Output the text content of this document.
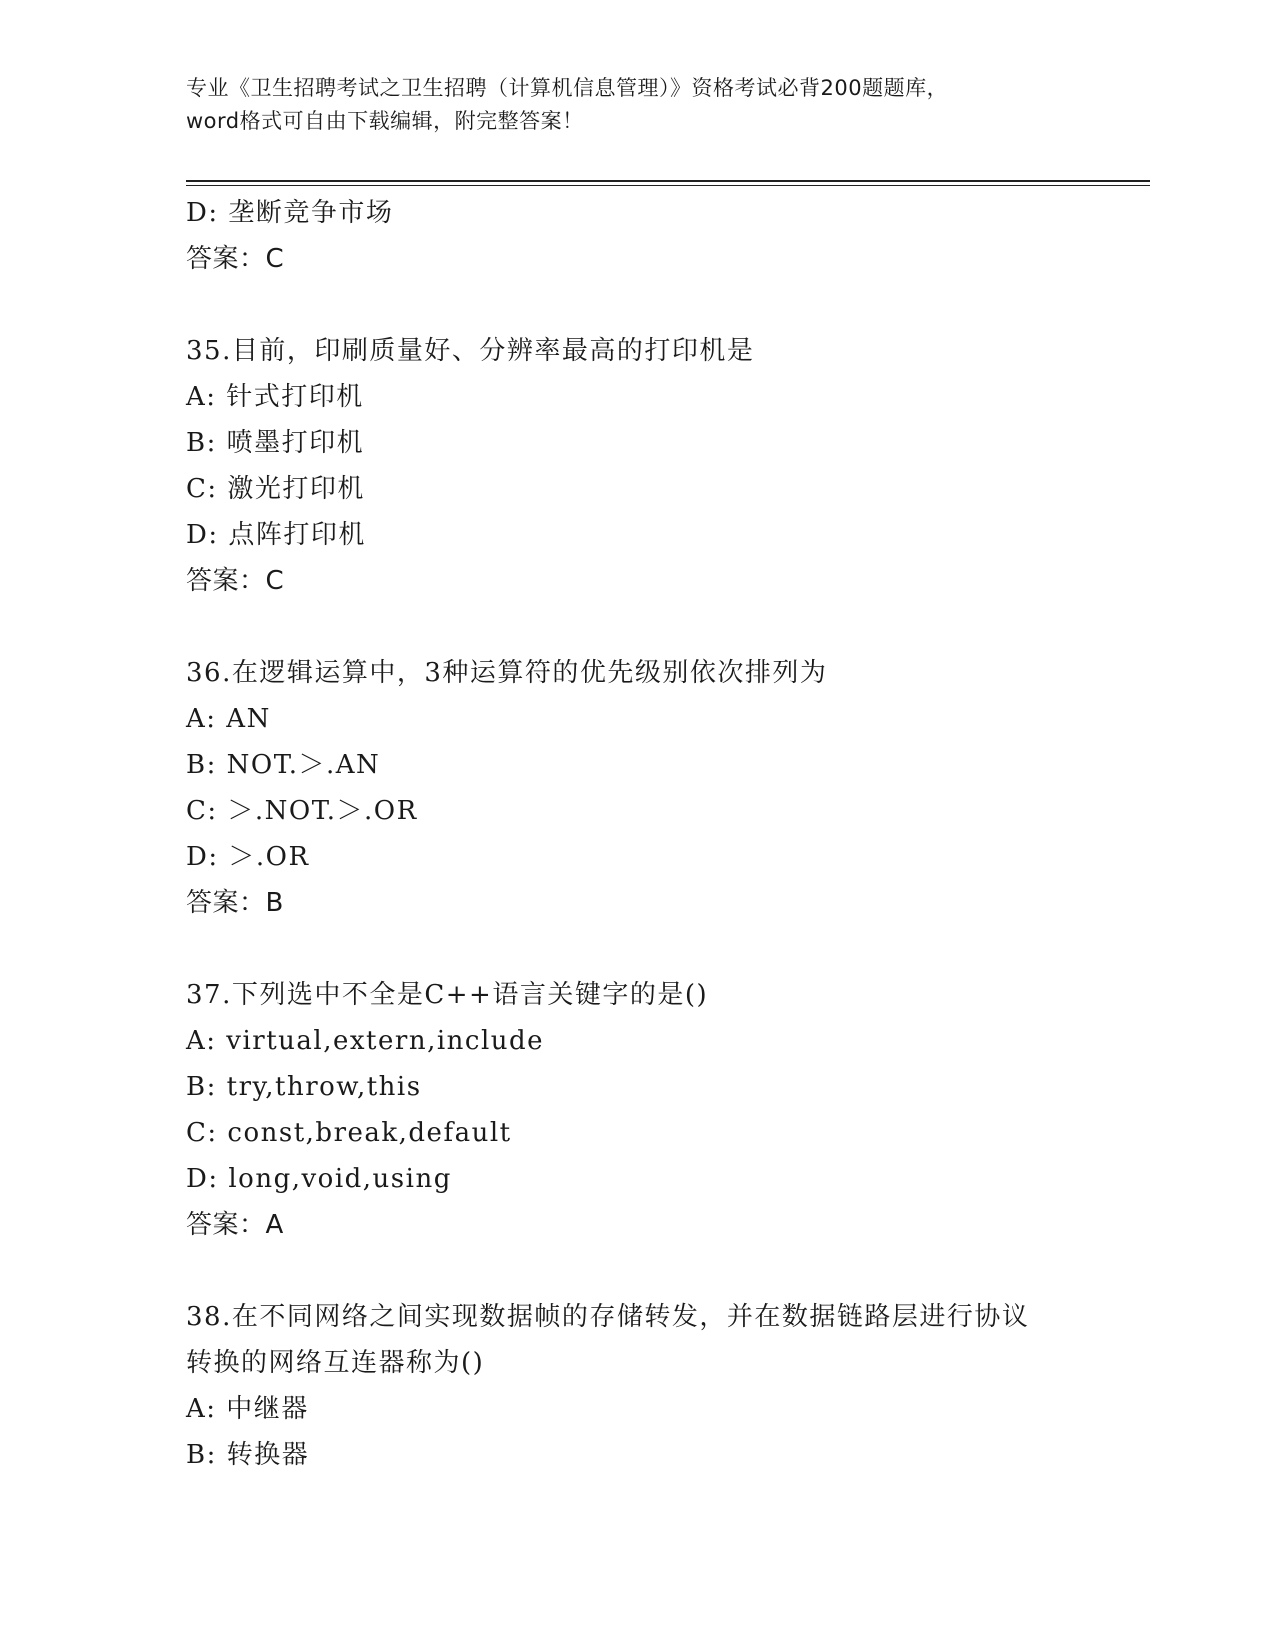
专业《卫生招聘考试之卫生招聘（计算机信息管理）》资格考试必背200题题库，
word格式可自由下载编辑，附完整答案！
D: 垄断竞争市场
答案：C
35.目前，印刷质量好、分辨率最高的打印机是
A: 针式打印机
B: 喷墨打印机
C: 激光打印机
D: 点阵打印机
答案：C
36.在逻辑运算中，3种运算符的优先级别依次排列为
A: AN
B: NOT.＞.AN
C: ＞.NOT.＞.OR
D: ＞.OR
答案：B
37.下列选中不全是C++语言关键字的是()
A: virtual,extern,include
B: try,throw,this
C: const,break,default
D: long,void,using
答案：A
38.在不同网络之间实现数据帧的存储转发，并在数据链路层进行协议
转换的网络互连器称为()
A: 中继器
B: 转换器
